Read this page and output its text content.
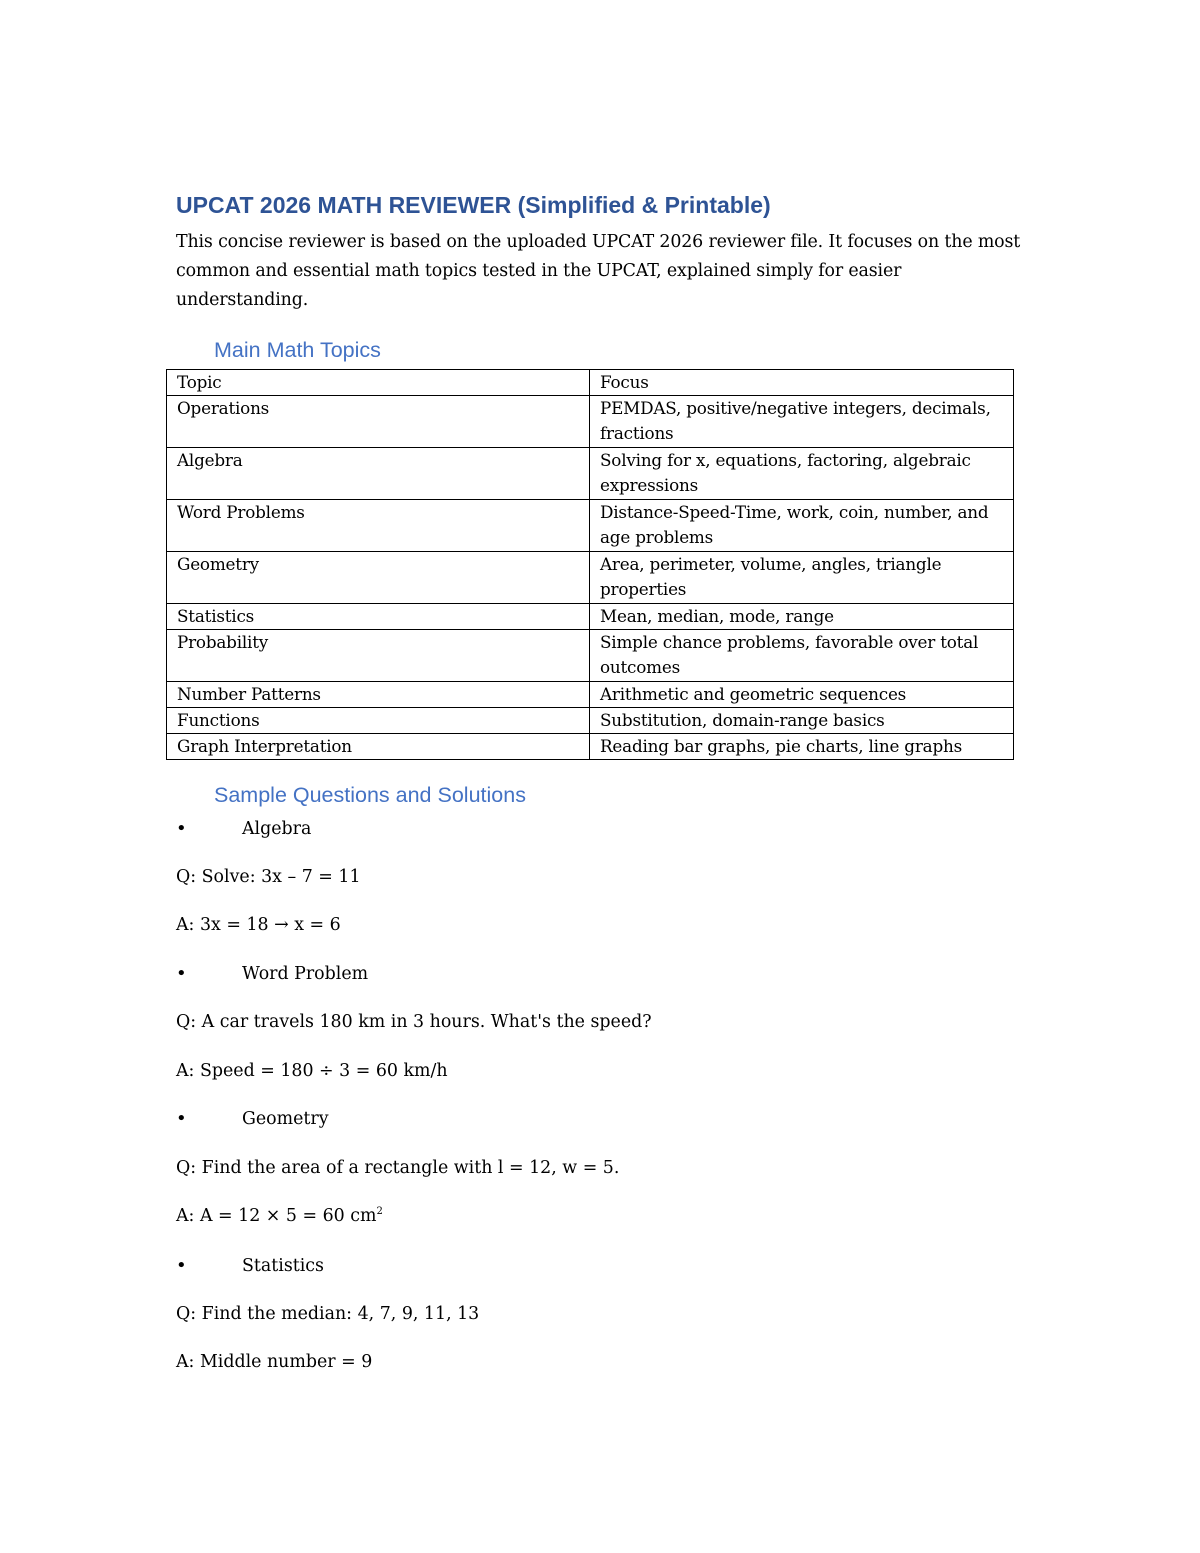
UPCAT 2026 MATH REVIEWER (Simplified & Printable)

This concise reviewer is based on the uploaded UPCAT 2026 reviewer file. It focuses on the most common and essential math topics tested in the UPCAT, explained simply for easier understanding.

Main Math Topics
Topic	Focus
Operations	PEMDAS, positive/negative integers, decimals, fractions
Algebra	Solving for x, equations, factoring, algebraic expressions
Word Problems	Distance-Speed-Time, work, coin, number, and age problems
Geometry	Area, perimeter, volume, angles, triangle properties
Statistics	Mean, median, mode, range
Probability	Simple chance problems, favorable over total outcomes
Number Patterns	Arithmetic and geometric sequences
Functions	Substitution, domain-range basics
Graph Interpretation	Reading bar graphs, pie charts, line graphs
Sample Questions and Solutions
•	Algebra

Q: Solve: 3x – 7 = 11

A: 3x = 18 → x = 6

•	Word Problem

Q: A car travels 180 km in 3 hours. What's the speed?

A: Speed = 180 ÷ 3 = 60 km/h

•	Geometry

Q: Find the area of a rectangle with l = 12, w = 5.

A: A = 12 × 5 = 60 $cm^2$

•	Statistics

Q: Find the median: 4, 7, 9, 11, 13

A: Middle number = 9
